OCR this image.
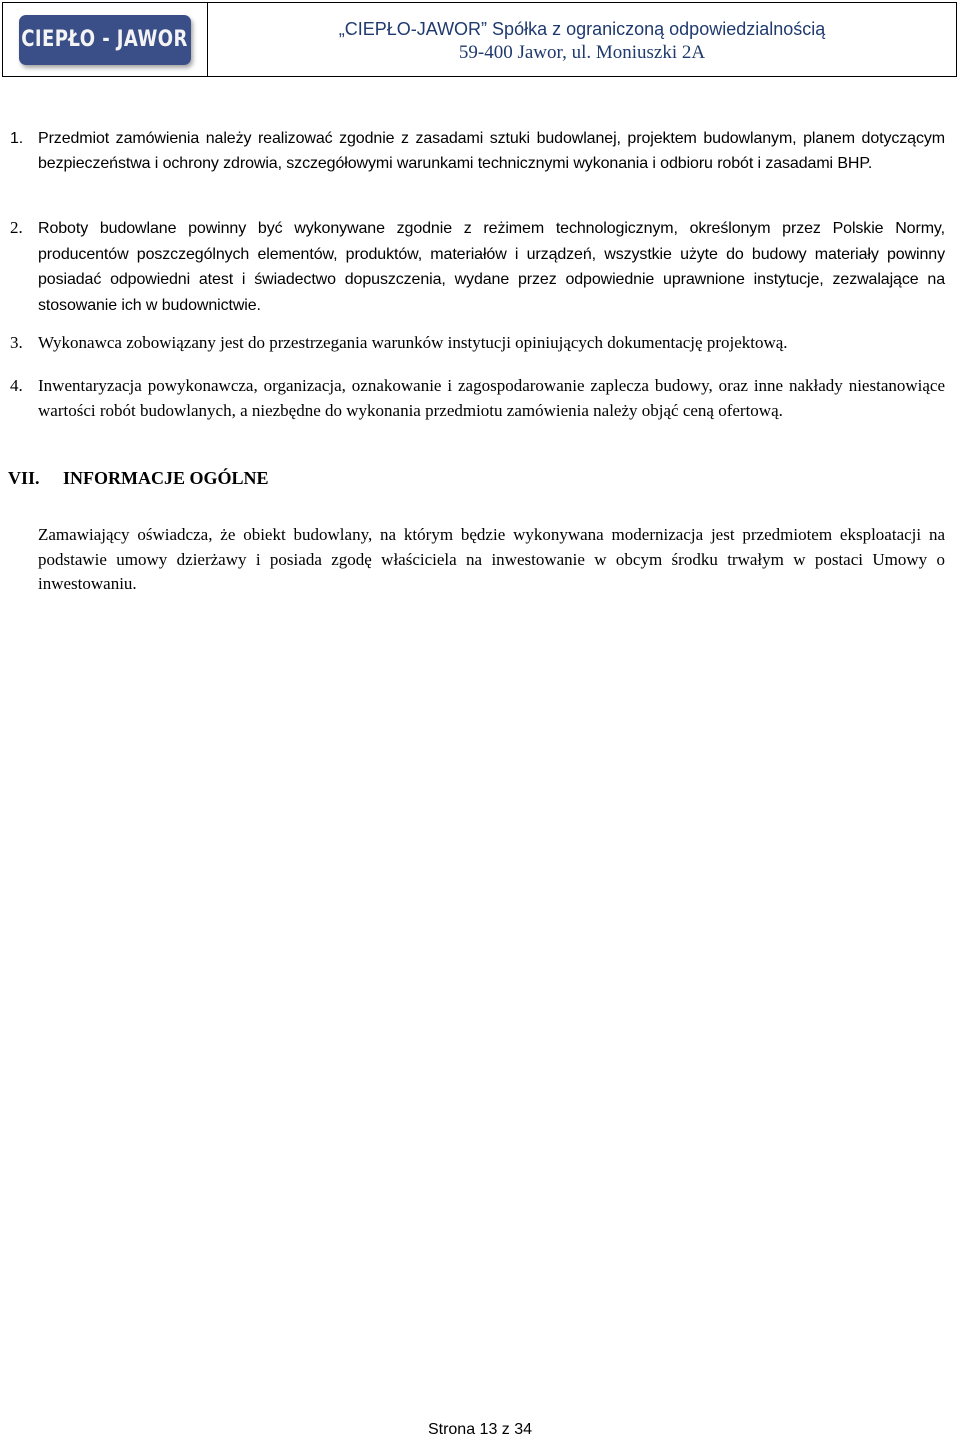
CIEPŁO - JAWOR	„CIEPŁO-JAWOR” Spółka z ograniczoną odpowiedzialnością
59-400 Jawor, ul. Moniuszki 2A

1. Przedmiot zamówienia należy realizować zgodnie z zasadami sztuki budowlanej, projektem budowlanym, planem dotyczącym bezpieczeństwa i ochrony zdrowia, szczegółowymi warunkami technicznymi wykonania i odbioru robót i zasadami BHP.

2. Roboty budowlane powinny być wykonywane zgodnie z reżimem technologicznym, określonym przez Polskie Normy, producentów poszczególnych elementów, produktów, materiałów i urządzeń, wszystkie użyte do budowy materiały powinny posiadać odpowiedni atest i świadectwo dopuszczenia, wydane przez odpowiednie uprawnione instytucje, zezwalające na stosowanie ich w budownictwie.

3. Wykonawca zobowiązany jest do przestrzegania warunków instytucji opiniujących dokumentację projektową.

4. Inwentaryzacja powykonawcza, organizacja, oznakowanie i zagospodarowanie zaplecza budowy, oraz inne nakłady niestanowiące wartości robót budowlanych, a niezbędne do wykonania przedmiotu zamówienia należy objąć ceną ofertową.

VII. INFORMACJE OGÓLNE

Zamawiający oświadcza, że obiekt budowlany, na którym będzie wykonywana modernizacja jest przedmiotem eksploatacji na podstawie umowy dzierżawy i posiada zgodę właściciela na inwestowanie w obcym środku trwałym w postaci Umowy o inwestowaniu.

Strona 13 z 34
